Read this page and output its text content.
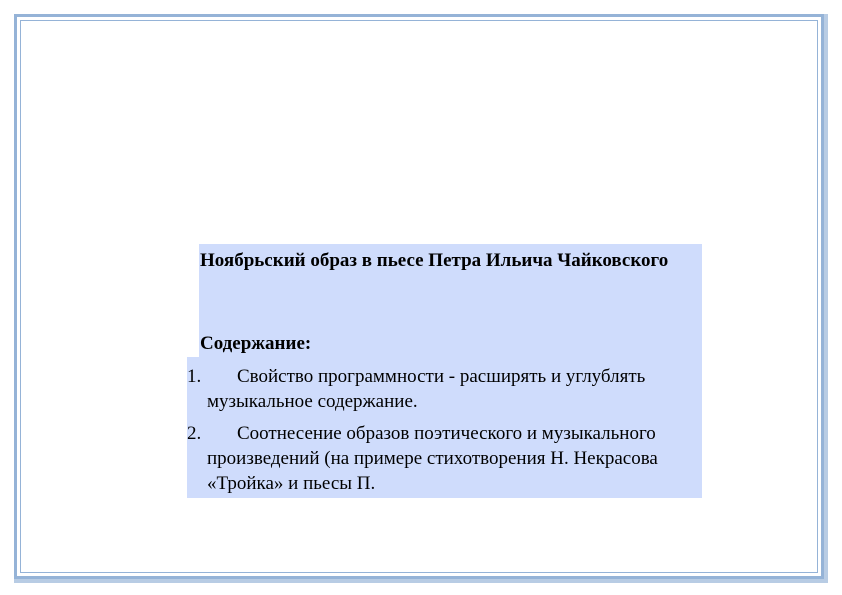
Ноябрьский образ в пьесе Петра Ильича Чайковского
Содержание:
1.	Свойство программности - расширять и углублять музыкальное содержание.
2.	Соотнесение образов поэтического и музыкального произведений (на примере стихотворения Н. Некрасова «Тройка» и пьесы П.
